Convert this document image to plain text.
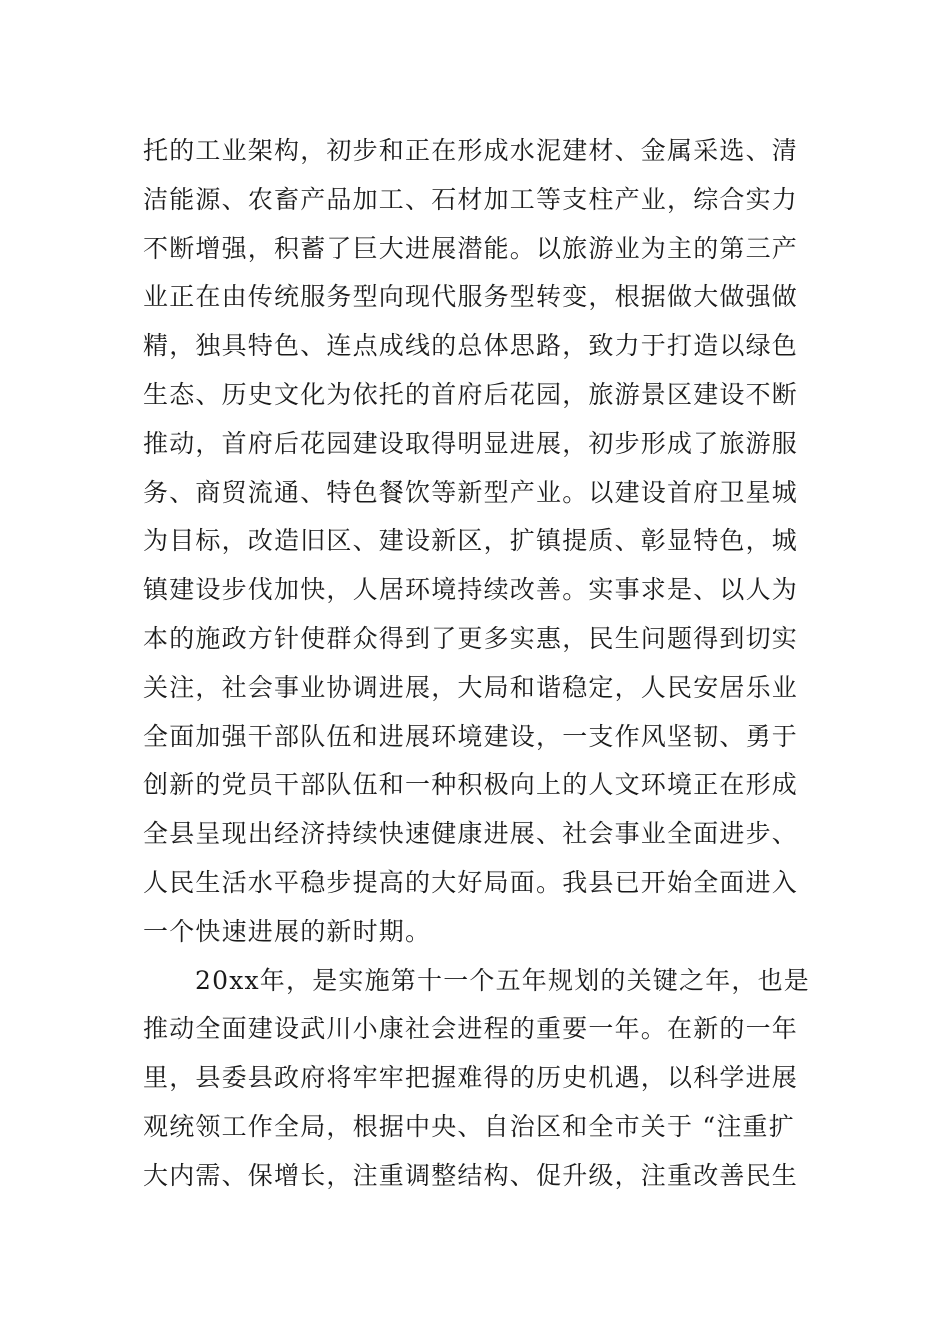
托的工业架构，初步和正在形成水泥建材、金属采选、清
洁能源、农畜产品加工、石材加工等支柱产业，综合实力
不断增强，积蓄了巨大进展潜能。以旅游业为主的第三产
业正在由传统服务型向现代服务型转变，根据做大做强做
精，独具特色、连点成线的总体思路，致力于打造以绿色
生态、历史文化为依托的首府后花园，旅游景区建设不断
推动，首府后花园建设取得明显进展，初步形成了旅游服
务、商贸流通、特色餐饮等新型产业。以建设首府卫星城
为目标，改造旧区、建设新区，扩镇提质、彰显特色，城
镇建设步伐加快，人居环境持续改善。实事求是、以人为
本的施政方针使群众得到了更多实惠，民生问题得到切实
关注，社会事业协调进展，大局和谐稳定，人民安居乐业
全面加强干部队伍和进展环境建设，一支作风坚韧、勇于
创新的党员干部队伍和一种积极向上的人文环境正在形成
全县呈现出经济持续快速健康进展、社会事业全面进步、
人民生活水平稳步提高的大好局面。我县已开始全面进入
一个快速进展的新时期。
20xx年，是实施第十一个五年规划的关键之年，也是
推动全面建设武川小康社会进程的重要一年。在新的一年
里，县委县政府将牢牢把握难得的历史机遇，以科学进展
观统领工作全局，根据中央、自治区和全市关于 “注重扩
大内需、保增长，注重调整结构、促升级，注重改善民生
